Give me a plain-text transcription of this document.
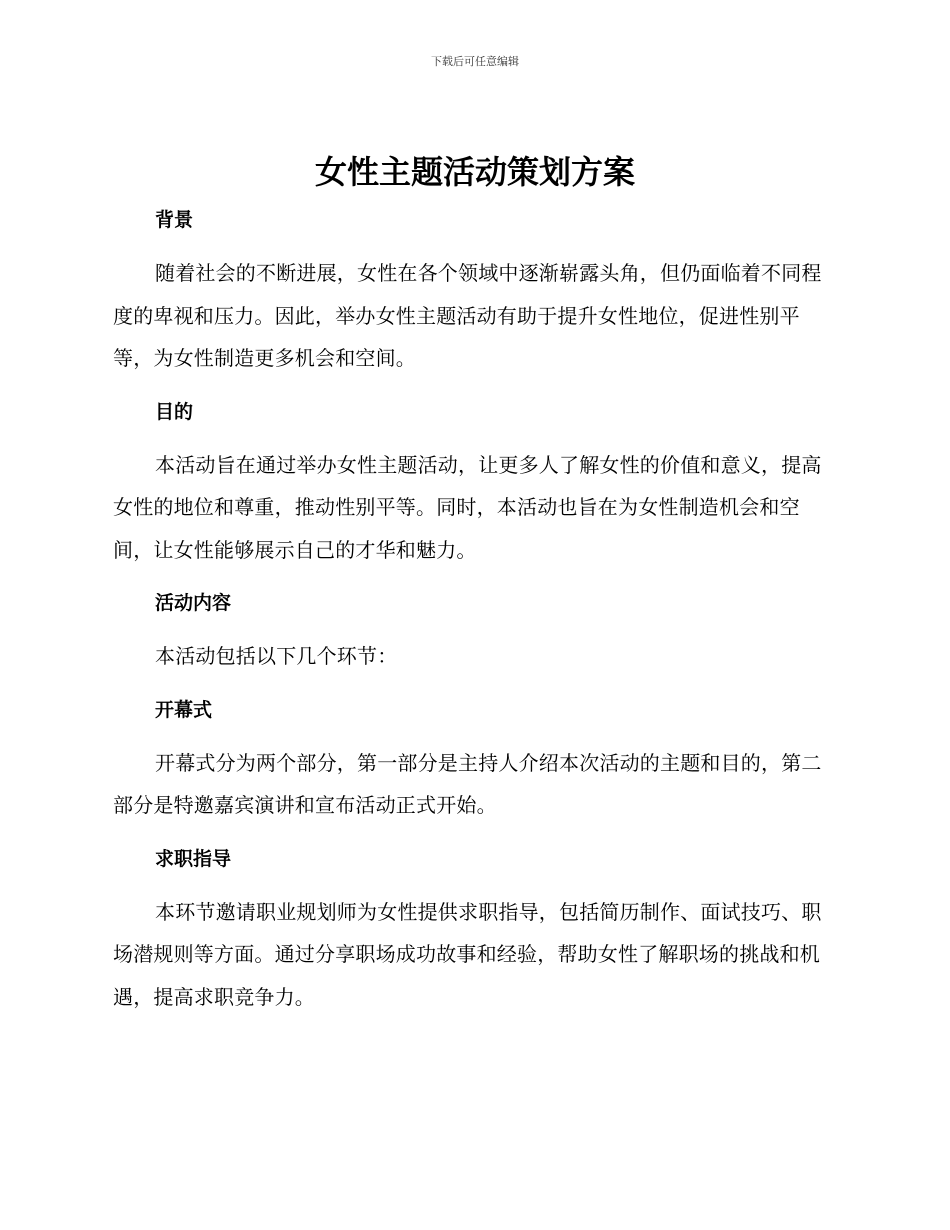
下载后可任意编辑
女性主题活动策划方案
背景

随着社会的不断进展，女性在各个领域中逐渐崭露头角，但仍面临着不同程度的卑视和压力。因此，举办女性主题活动有助于提升女性地位，促进性别平等，为女性制造更多机会和空间。

目的

本活动旨在通过举办女性主题活动，让更多人了解女性的价值和意义，提高女性的地位和尊重，推动性别平等。同时，本活动也旨在为女性制造机会和空间，让女性能够展示自己的才华和魅力。

活动内容

本活动包括以下几个环节：

开幕式

开幕式分为两个部分，第一部分是主持人介绍本次活动的主题和目的，第二部分是特邀嘉宾演讲和宣布活动正式开始。

求职指导

本环节邀请职业规划师为女性提供求职指导，包括简历制作、面试技巧、职场潜规则等方面。通过分享职场成功故事和经验，帮助女性了解职场的挑战和机遇，提高求职竞争力。
